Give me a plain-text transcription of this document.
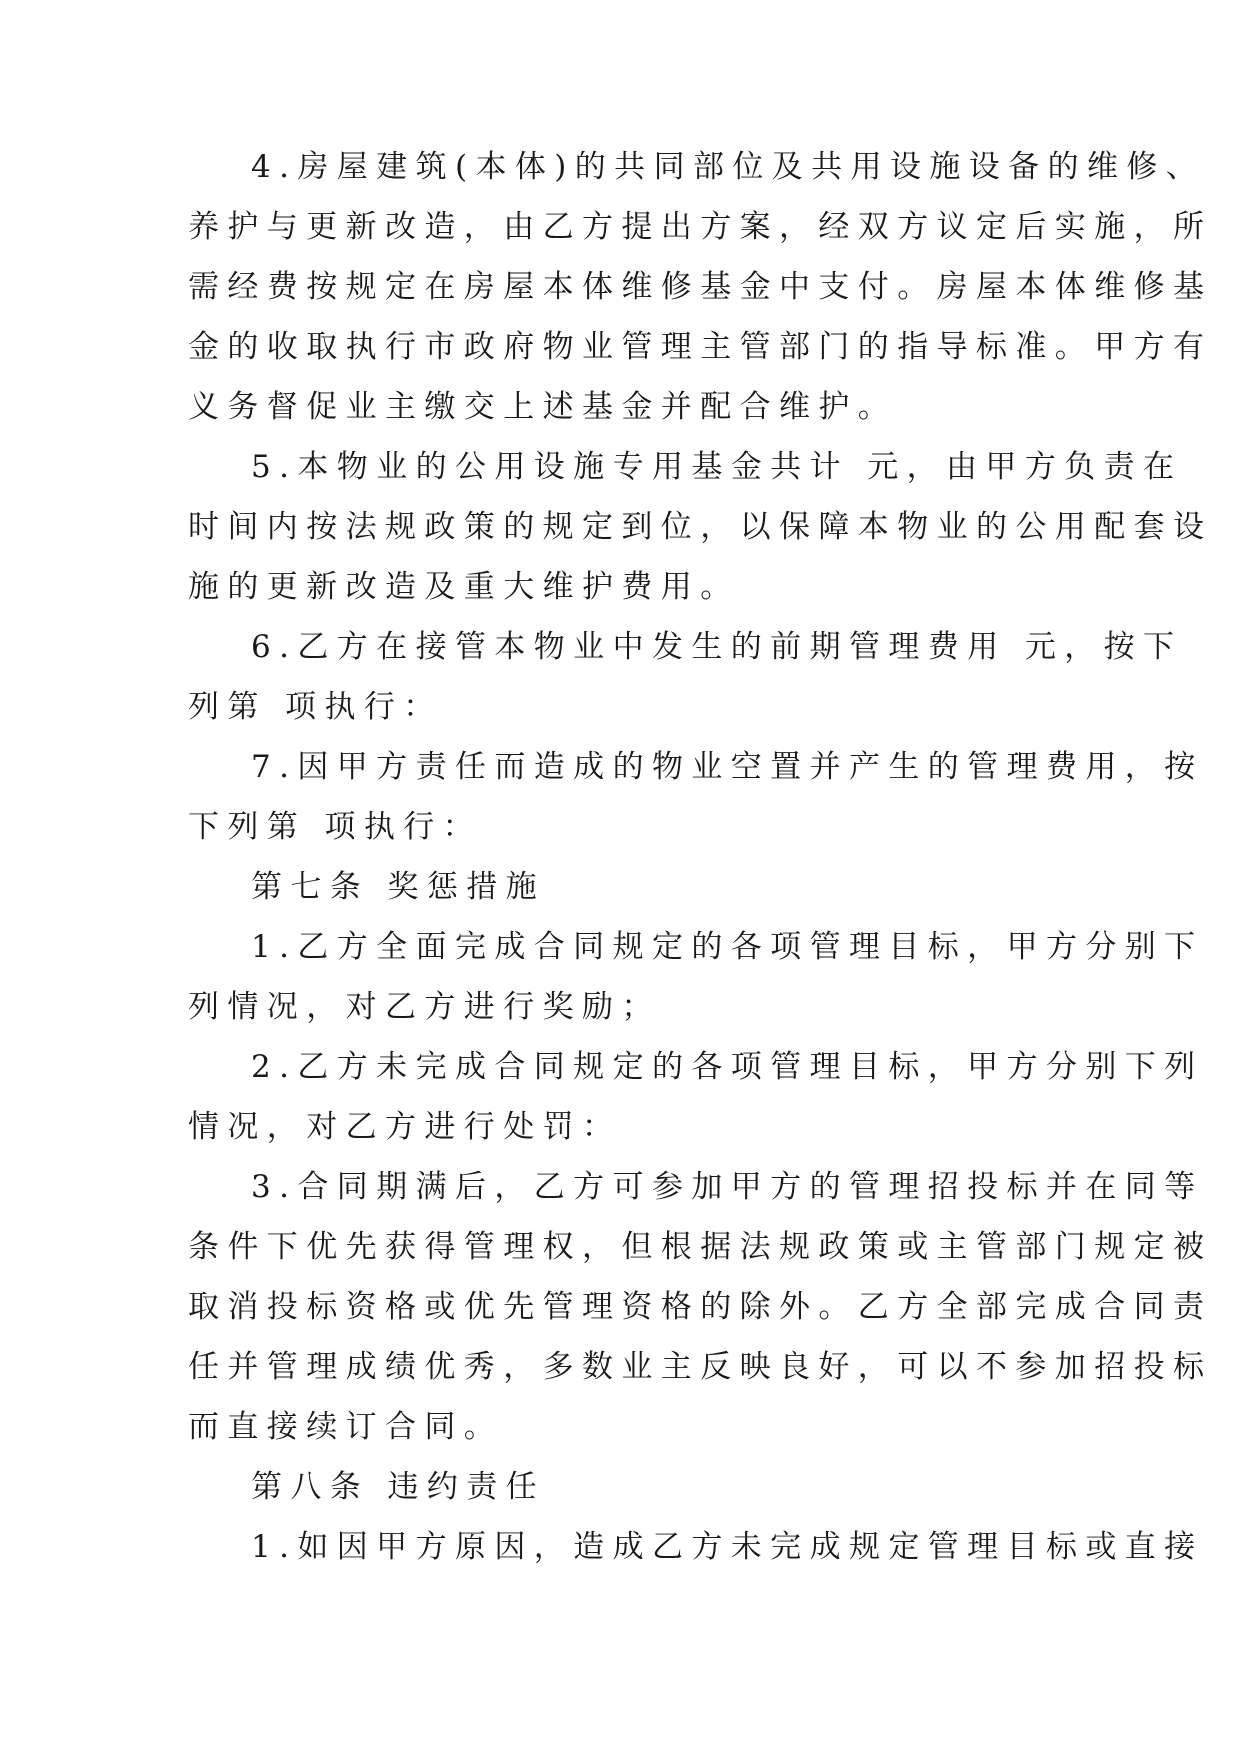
4.房屋建筑(本体)的共同部位及共用设施设备的维修、
养护与更新改造，由乙方提出方案，经双方议定后实施，所
需经费按规定在房屋本体维修基金中支付。房屋本体维修基
金的收取执行市政府物业管理主管部门的指导标准。甲方有
义务督促业主缴交上述基金并配合维护。
5.本物业的公用设施专用基金共计 元，由甲方负责在
时间内按法规政策的规定到位，以保障本物业的公用配套设
施的更新改造及重大维护费用。
6.乙方在接管本物业中发生的前期管理费用 元，按下
列第 项执行：
7.因甲方责任而造成的物业空置并产生的管理费用，按
下列第 项执行：
第七条 奖惩措施
1.乙方全面完成合同规定的各项管理目标，甲方分别下
列情况，对乙方进行奖励；
2.乙方未完成合同规定的各项管理目标，甲方分别下列
情况，对乙方进行处罚：
3.合同期满后，乙方可参加甲方的管理招投标并在同等
条件下优先获得管理权，但根据法规政策或主管部门规定被
取消投标资格或优先管理资格的除外。乙方全部完成合同责
任并管理成绩优秀，多数业主反映良好，可以不参加招投标
而直接续订合同。
第八条 违约责任
1.如因甲方原因，造成乙方未完成规定管理目标或直接
